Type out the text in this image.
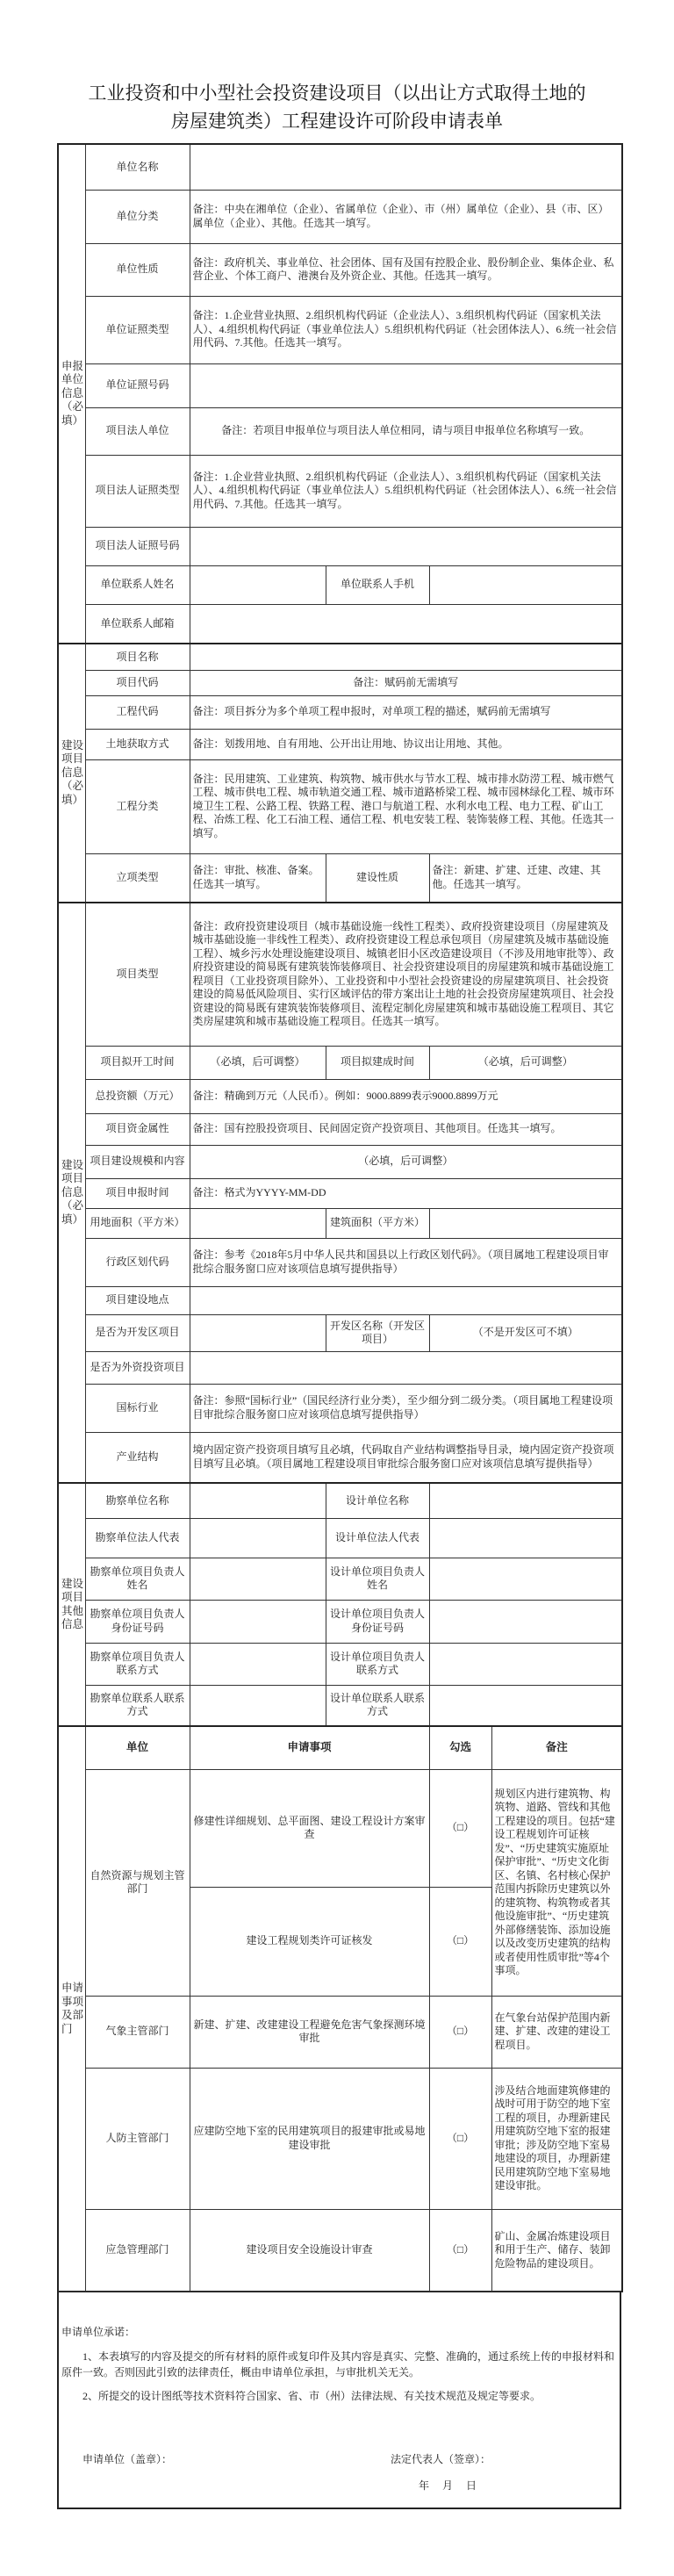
工业投资和中小型社会投资建设项目（以出让方式取得土地的
房屋建筑类）工程建设许可阶段申请表单
申报单位信息（必填）	单位名称				
	单位分类	备注：中央在湘单位（企业）、省属单位（企业）、市（州）属单位（企业）、县（市、区）属单位（企业）、其他。任选其一填写。			
	单位性质	备注：政府机关、事业单位、社会团体、国有及国有控股企业、股份制企业、集体企业、私营企业、个体工商户、港澳台及外资企业、其他。任选其一填写。			
	单位证照类型	备注：1.企业营业执照、2.组织机构代码证（企业法人）、3.组织机构代码证（国家机关法人）、4.组织机构代码证（事业单位法人）5.组织机构代码证（社会团体法人）、6.统一社会信用代码、7.其他。任选其一填写。			
	单位证照号码				
	项目法人单位	备注：若项目申报单位与项目法人单位相同，请与项目申报单位名称填写一致。			
	项目法人证照类型	备注：1.企业营业执照、2.组织机构代码证（企业法人）、3.组织机构代码证（国家机关法人）、4.组织机构代码证（事业单位法人）5.组织机构代码证（社会团体法人）、6.统一社会信用代码、7.其他。任选其一填写。			
	项目法人证照号码				
	单位联系人姓名		单位联系人手机		
	单位联系人邮箱				

建设项目信息（必填）	项目名称				
	项目代码	备注：赋码前无需填写			
	工程代码	备注：项目拆分为多个单项工程申报时，对单项工程的描述，赋码前无需填写			
	土地获取方式	备注：划拨用地、自有用地、公开出让用地、协议出让用地、其他。			
	工程分类	备注：民用建筑、工业建筑、构筑物、城市供水与节水工程、城市排水防涝工程、城市燃气工程、城市供电工程、城市轨道交通工程、城市道路桥梁工程、城市园林绿化工程、城市环境卫生工程、公路工程、铁路工程、港口与航道工程、水利水电工程、电力工程、矿山工程、冶炼工程、化工石油工程、通信工程、机电安装工程、装饰装修工程、其他。任选其一填写。			
	立项类型	备注：审批、核准、备案。任选其一填写。	建设性质	备注：新建、扩建、迁建、改建、其他。任选其一填写。	

建设项目信息（必填）	项目类型	备注：政府投资建设项目（城市基础设施一线性工程类）、政府投资建设项目（房屋建筑及城市基础设施一非线性工程类）、政府投资建设工程总承包项目（房屋建筑及城市基础设施工程）、城乡污水处理设施建设项目、城镇老旧小区改造建设项目（不涉及用地审批等）、政府投资建设的简易既有建筑装饰装修项目、社会投资建设项目的房屋建筑和城市基础设施工程项目（工业投资项目除外）、工业投资和中小型社会投资建设的房屋建筑项目、社会投资建设的简易低风险项目、实行区域评估的带方案出让土地的社会投资房屋建筑项目、社会投资建设的简易既有建筑装饰装修项目、流程定制化房屋建筑和城市基础设施工程项目、其它类房屋建筑和城市基础设施工程项目。任选其一填写。			
	项目拟开工时间	（必填，后可调整）	项目拟建成时间	（必填，后可调整）	
	总投资额（万元）	备注：精确到万元（人民币）。例如：9000.8899表示9000.8899万元			
	项目资金属性	备注：国有控股投资项目、民间固定资产投资项目、其他项目。任选其一填写。			
	项目建设规模和内容	（必填，后可调整）			
	项目申报时间	备注：格式为YYYY-MM-DD			
	用地面积（平方米）		建筑面积（平方米）		
	行政区划代码	备注：参考《2018年5月中华人民共和国县以上行政区划代码》。（项目属地工程建设项目审批综合服务窗口应对该项信息填写提供指导）			
	项目建设地点				
	是否为开发区项目		开发区名称（开发区项目）	（不是开发区可不填）	
	是否为外资投资项目				
	国标行业	备注：参照“国标行业”（国民经济行业分类），至少细分到二级分类。（项目属地工程建设项目审批综合服务窗口应对该项信息填写提供指导）			
	产业结构	境内固定资产投资项目填写且必填，代码取自产业结构调整指导目录，境内固定资产投资项目填写且必填。（项目属地工程建设项目审批综合服务窗口应对该项信息填写提供指导）			

建设项目其他信息	勘察单位名称		设计单位名称		
	勘察单位法人代表		设计单位法人代表		
	勘察单位项目负责人姓名		设计单位项目负责人姓名		
	勘察单位项目负责人身份证号码		设计单位项目负责人身份证号码		
	勘察单位项目负责人联系方式		设计单位项目负责人联系方式		
	勘察单位联系人联系方式		设计单位联系人联系方式		

申请事项及部门	单位	申请事项		勾选	备注
	自然资源与规划主管部门	修建性详细规划、总平面图、建设工程设计方案审查		（□）	规划区内进行建筑物、构筑物、道路、管线和其他工程建设的项目。包括“建设工程规划许可证核发”、“历史建筑实施原址保护审批”、“历史文化街区、名镇、名村核心保护范围内拆除历史建筑以外的建筑物、构筑物或者其他设施审批”、“历史建筑外部修缮装饰、添加设施以及改变历史建筑的结构或者使用性质审批”等4个事项。
		建设工程规划类许可证核发		（□）	
	气象主管部门	新建、扩建、改建建设工程避免危害气象探测环境审批		（□）	在气象台站保护范围内新建、扩建、改建的建设工程项目。
	人防主管部门	应建防空地下室的民用建筑项目的报建审批或易地建设审批		（□）	涉及结合地面建筑修建的战时可用于防空的地下室工程的项目，办理新建民用建筑防空地下室的报建审批；涉及防空地下室易地建设的项目，办理新建民用建筑防空地下室易地建设审批。
	应急管理部门	建设项目安全设施设计审查		（□）	矿山、金属冶炼建设项目和用于生产、储存、装卸危险物品的建设项目。
申请单位承诺：
1、本表填写的内容及提交的所有材料的原件或复印件及其内容是真实、完整、准确的，通过系统上传的申报材料和原件一致。否则因此引致的法律责任，概由申请单位承担，与审批机关无关。
2、所提交的设计图纸等技术资料符合国家、省、市（州）法律法规、有关技术规范及规定等要求。
申请单位（盖章）：	法定代表人（签章）：
年 月 日
